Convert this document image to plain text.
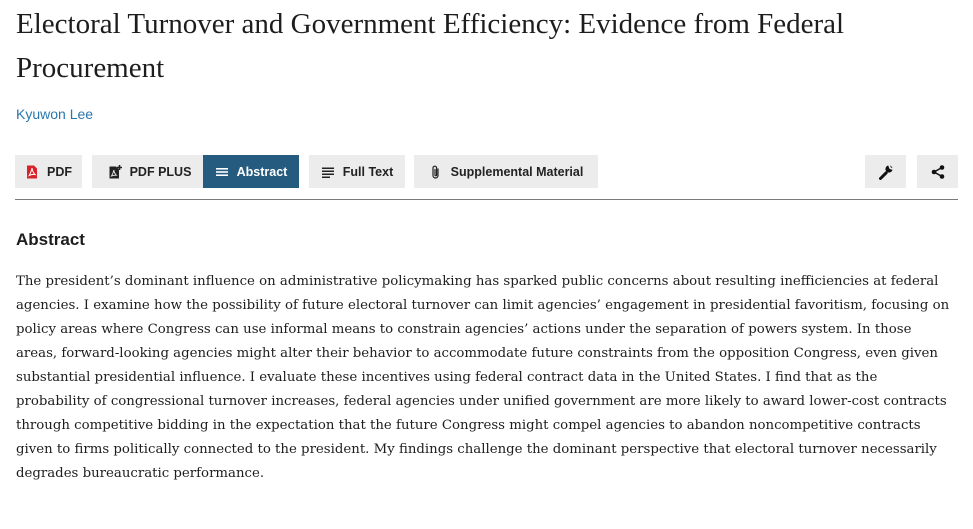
Electoral Turnover and Government Efficiency: Evidence from Federal Procurement
Kyuwon Lee
PDF	PDF PLUS	Abstract	Full Text	Supplemental Material
Abstract

The president’s dominant influence on administrative policymaking has sparked public concerns about resulting inefficiencies at federal agencies. I examine how the possibility of future electoral turnover can limit agencies’ engagement in presidential favoritism, focusing on policy areas where Congress can use informal means to constrain agencies’ actions under the separation of powers system. In those areas, forward-looking agencies might alter their behavior to accommodate future constraints from the opposition Congress, even given substantial presidential influence. I evaluate these incentives using federal contract data in the United States. I find that as the probability of congressional turnover increases, federal agencies under unified government are more likely to award lower-cost contracts through competitive bidding in the expectation that the future Congress might compel agencies to abandon noncompetitive contracts given to firms politically connected to the president. My findings challenge the dominant perspective that electoral turnover necessarily degrades bureaucratic performance.
